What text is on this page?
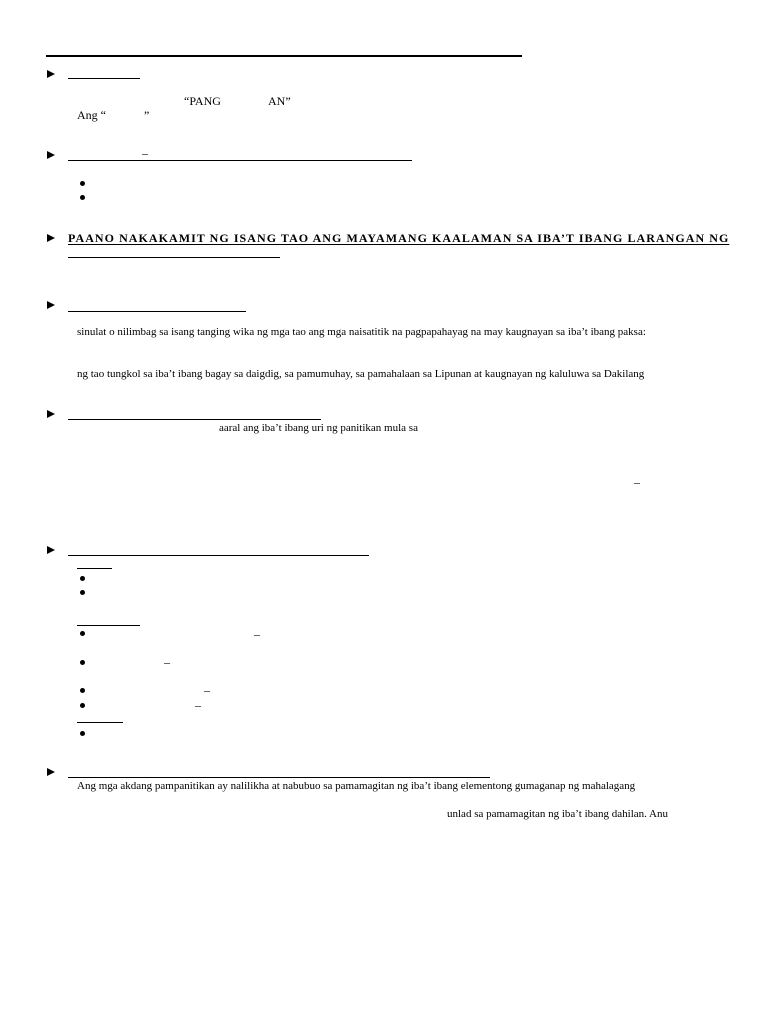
“PANG	AN”
Ang “	”
–
PAANO NAKAKAMIT NG ISANG TAO ANG MAYAMANG KAALAMAN SA IBA’T IBANG LARANGAN NG
sinulat o nilimbag sa isang tanging wika ng mga tao ang mga naisatitik na pagpapahayag na may kaugnayan sa iba’t ibang paksa:
ng tao tungkol sa iba’t ibang bagay sa daigdig, sa pamumuhay, sa pamahalaan sa Lipunan at kaugnayan ng kaluluwa sa Dakilang
aaral ang iba’t ibang uri ng panitikan mula sa
–
–
–
–
–
Ang mga akdang pampanitikan ay nalilikha at nabubuo sa pamamagitan ng iba’t ibang elementong gumaganap ng mahalagang
unlad sa pamamagitan ng iba’t ibang dahilan. Anu
